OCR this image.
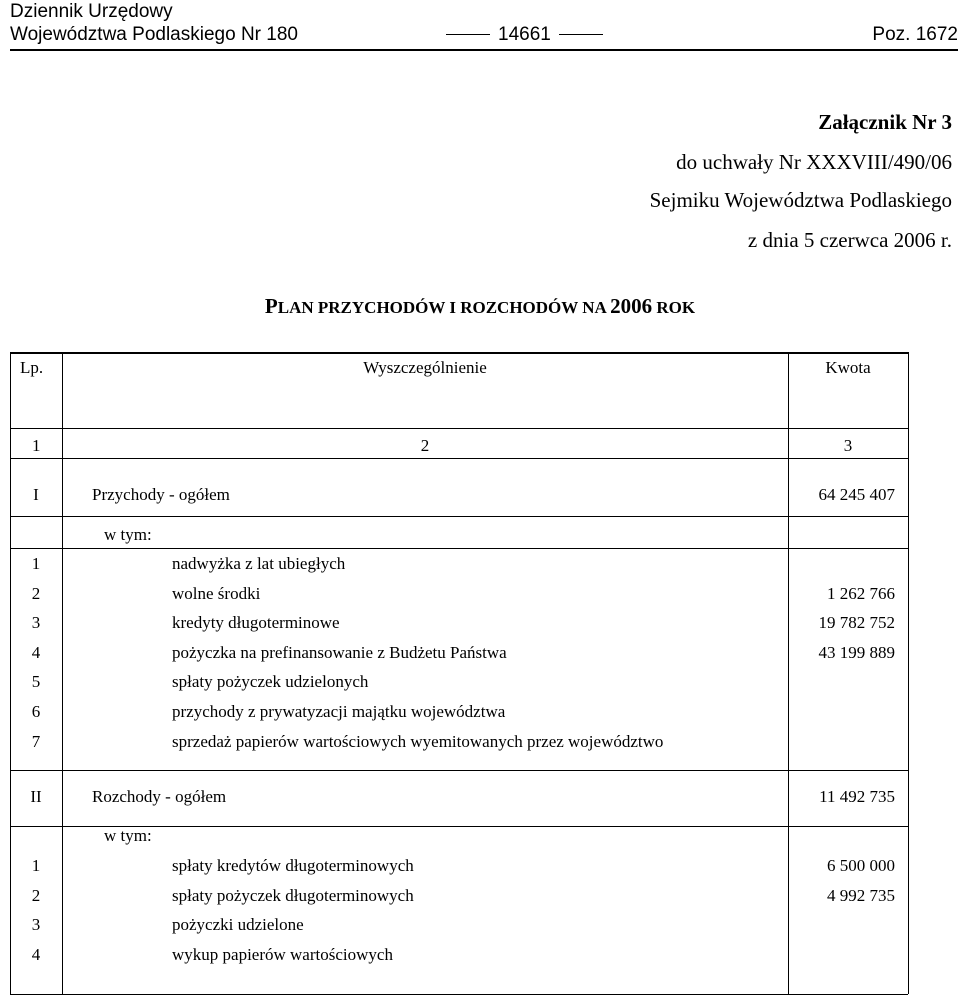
Dziennik Urzędowy
Województwa Podlaskiego Nr 180	14661	Poz. 1672
Załącznik Nr 3
do uchwały Nr XXXVIII/490/06
Sejmiku Województwa Podlaskiego
z dnia 5 czerwca 2006 r.
PLAN PRZYCHODÓW I ROZCHODÓW NA 2006 ROK
Lp.	Wyszczególnienie	Kwota
1	2	3
I	Przychody - ogółem	64 245 407
w tym:
1	nadwyżka z lat ubiegłych
2	wolne środki	1 262 766
3	kredyty długoterminowe	19 782 752
4	pożyczka na prefinansowanie z Budżetu Państwa	43 199 889
5	spłaty pożyczek udzielonych
6	przychody z prywatyzacji majątku województwa
7	sprzedaż papierów wartościowych wyemitowanych przez województwo
II	Rozchody - ogółem	11 492 735
w tym:
1	spłaty kredytów długoterminowych	6 500 000
2	spłaty pożyczek długoterminowych	4 992 735
3	pożyczki udzielone
4	wykup papierów wartościowych
